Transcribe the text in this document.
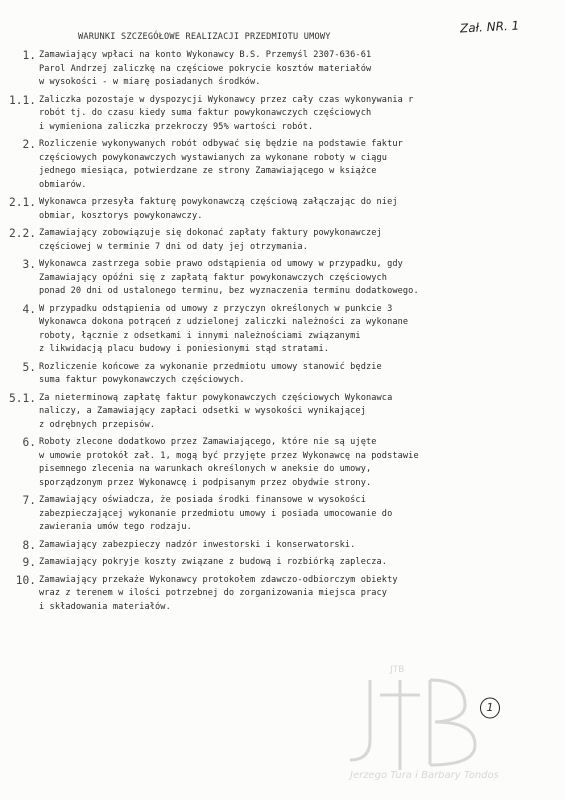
Zał. NR. 1
WARUNKI SZCZEGÓŁOWE REALIZACJI PRZEDMIOTU UMOWY
1. Zamawiający wpłaci na konto Wykonawcy B.S. Przemyśl 2307-636-61
Parol Andrzej zaliczkę na częściowe pokrycie kosztów materiałów
w wysokości - w miarę posiadanych środków.
1.1. Zaliczka pozostaje w dyspozycji Wykonawcy przez cały czas wykonywania r
robót tj. do czasu kiedy suma faktur powykonawczych częściowych
i wymieniona zaliczka przekroczy 95% wartości robót.
2. Rozliczenie wykonywanych robót odbywać się będzie na podstawie faktur
częściowych powykonawczych wystawianych za wykonane roboty w ciągu
jednego miesiąca, potwierdzane ze strony Zamawiającego w książce
obmiarów.
2.1. Wykonawca przesyła fakturę powykonawczą częściową załączając do niej
obmiar, kosztorys powykonawczy.
2.2. Zamawiający zobowiązuje się dokonać zapłaty faktury powykonawczej
częściowej w terminie 7 dni od daty jej otrzymania.
3. Wykonawca zastrzega sobie prawo odstąpienia od umowy w przypadku, gdy
Zamawiający opóźni się z zapłatą faktur powykonawczych częściowych
ponad 20 dni od ustalonego terminu, bez wyznaczenia terminu dodatkowego.
4. W przypadku odstąpienia od umowy z przyczyn określonych w punkcie 3
Wykonawca dokona potrąceń z udzielonej zaliczki należności za wykonane
roboty, łącznie z odsetkami i innymi należnościami związanymi
z likwidacją placu budowy i poniesionymi stąd stratami.
5. Rozliczenie końcowe za wykonanie przedmiotu umowy stanowić będzie
suma faktur powykonawczych częściowych.
5.1. Za nieterminową zapłatę faktur powykonawczych częściowych Wykonawca
naliczy, a Zamawiający zapłaci odsetki w wysokości wynikającej
z odrębnych przepisów.
6. Roboty zlecone dodatkowo przez Zamawiającego, które nie są ujęte
w umowie protokół zał. 1, mogą być przyjęte przez Wykonawcę na podstawie
pisemnego zlecenia na warunkach określonych w aneksie do umowy,
sporządzonym przez Wykonawcę i podpisanym przez obydwie strony.
7. Zamawiający oświadcza, że posiada środki finansowe w wysokości
zabezpieczającej wykonanie przedmiotu umowy i posiada umocowanie do
zawierania umów tego rodzaju.
8. Zamawiający zabezpieczy nadzór inwestorski i konserwatorski.
9. Zamawiający pokryje koszty związane z budową i rozbiórką zaplecza.
10. Zamawiający przekaże Wykonawcy protokołem zdawczo-odbiorczym obiekty
wraz z terenem w ilości potrzebnej do zorganizowania miejsca pracy
i składowania materiałów.
Jerzego Tura i Barbary Tondos
JTB
1
